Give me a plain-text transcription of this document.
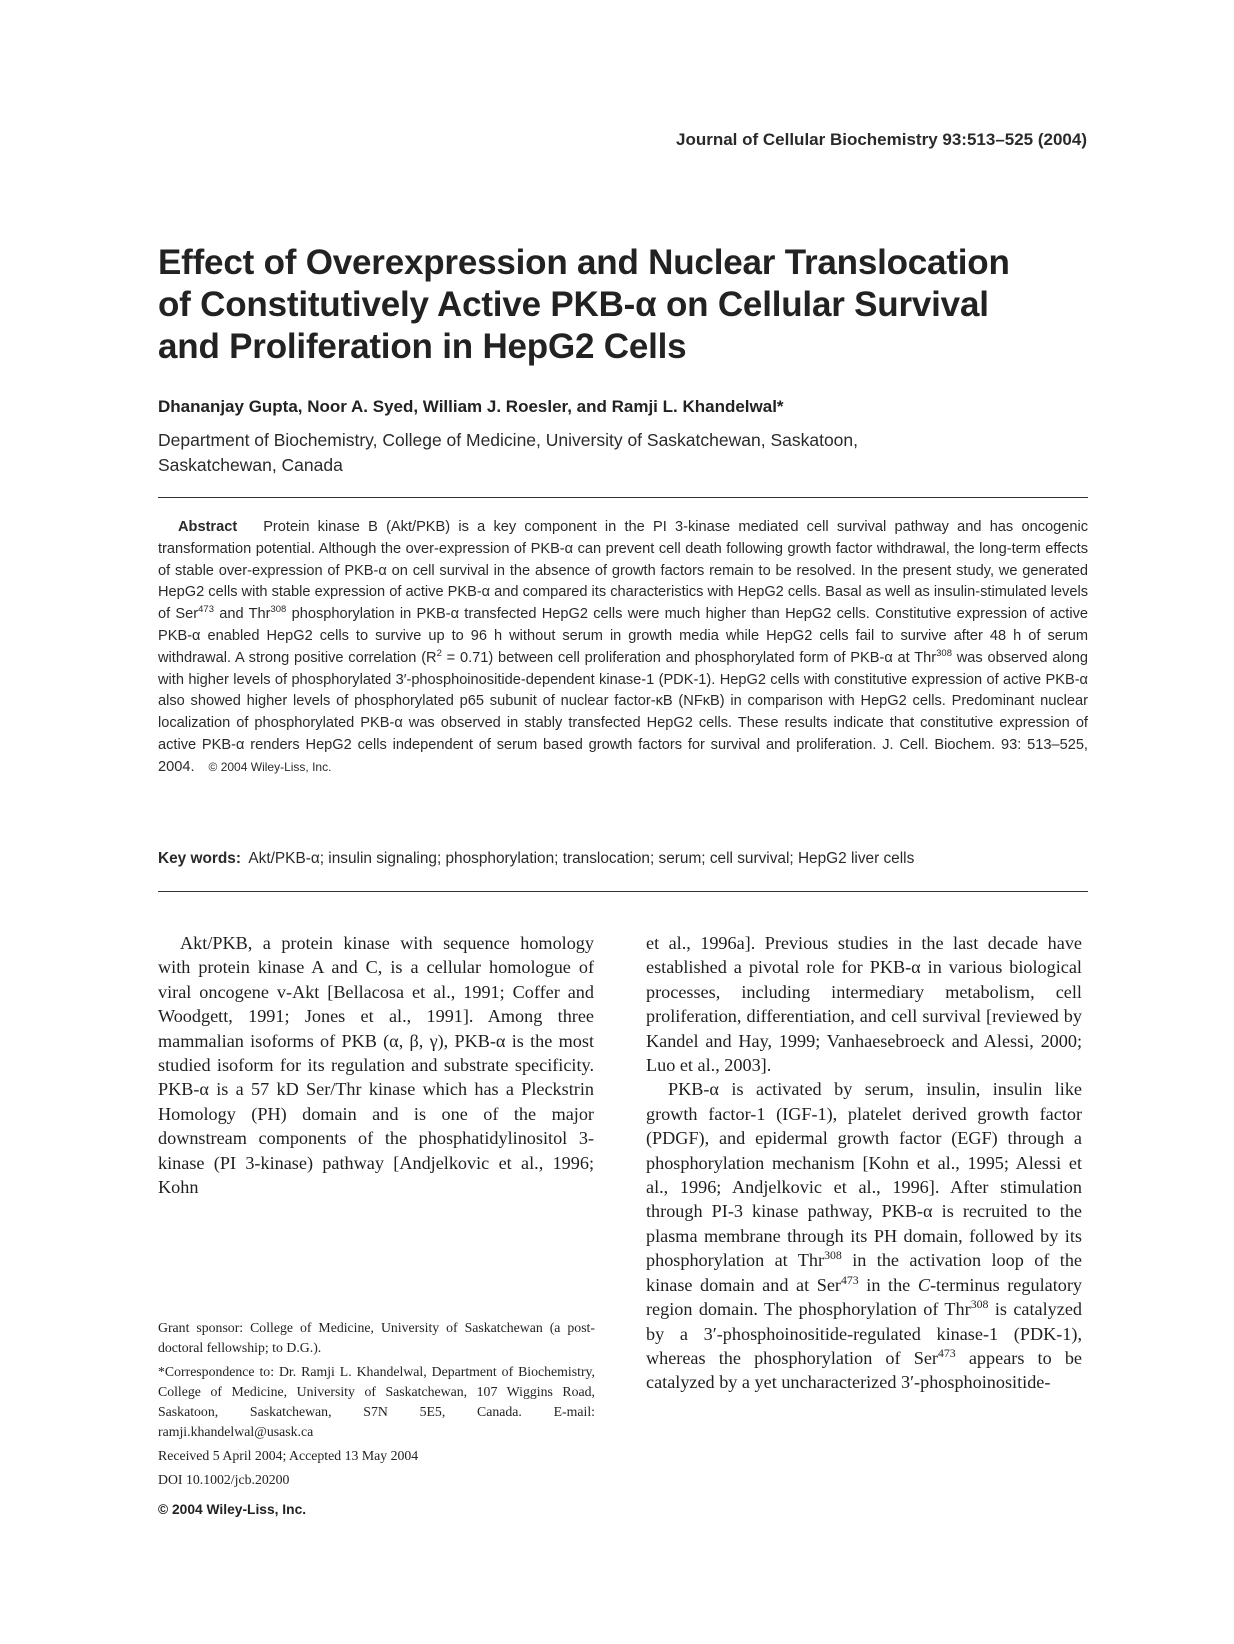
Journal of Cellular Biochemistry 93:513–525 (2004)
Effect of Overexpression and Nuclear Translocation
of Constitutively Active PKB-α on Cellular Survival
and Proliferation in HepG2 Cells

Dhananjay Gupta, Noor A. Syed, William J. Roesler, and Ramji L. Khandelwal*

Department of Biochemistry, College of Medicine, University of Saskatchewan, Saskatoon,
Saskatchewan, Canada

Abstract Protein kinase B (Akt/PKB) is a key component in the PI 3-kinase mediated cell survival pathway and has oncogenic transformation potential. Although the over-expression of PKB-α can prevent cell death following growth factor withdrawal, the long-term effects of stable over-expression of PKB-α on cell survival in the absence of growth factors remain to be resolved. In the present study, we generated HepG2 cells with stable expression of active PKB-α and compared its characteristics with HepG2 cells. Basal as well as insulin-stimulated levels of Ser$^{473}$ and Thr$^{308}$ phosphorylation in PKB-α transfected HepG2 cells were much higher than HepG2 cells. Constitutive expression of active PKB-α enabled HepG2 cells to survive up to 96 h without serum in growth media while HepG2 cells fail to survive after 48 h of serum withdrawal. A strong positive correlation $(R^2 = 0.71)$ between cell proliferation and phosphorylated form of PKB-α at Thr$^{308}$ was observed along with higher levels of phosphorylated 3′-phosphoinositide-dependent kinase-1 (PDK-1). HepG2 cells with constitutive expression of active PKB-α also showed higher levels of phosphorylated p65 subunit of nuclear factor-κB (NFκB) in comparison with HepG2 cells. Predominant nuclear localization of phosphorylated PKB-α was observed in stably transfected HepG2 cells. These results indicate that constitutive expression of active PKB-α renders HepG2 cells independent of serum based growth factors for survival and proliferation. J. Cell. Biochem. 93: 513–525, 2004. © 2004 Wiley-Liss, Inc.

Key words: Akt/PKB-α; insulin signaling; phosphorylation; translocation; serum; cell survival; HepG2 liver cells

Akt/PKB, a protein kinase with sequence homology with protein kinase A and C, is a cellular homologue of viral oncogene v-Akt [Bellacosa et al., 1991; Coffer and Woodgett, 1991; Jones et al., 1991]. Among three mammalian isoforms of PKB (α, β, γ), PKB-α is the most studied isoform for its regulation and substrate specificity. PKB-α is a 57 kD Ser/Thr kinase which has a Pleckstrin Homology (PH) domain and is one of the major downstream components of the phosphatidylinositol 3-kinase (PI 3-kinase) pathway [Andjelkovic et al., 1996; Kohn

et al., 1996a]. Previous studies in the last decade have established a pivotal role for PKB-α in various biological processes, including intermediary metabolism, cell proliferation, differentiation, and cell survival [reviewed by Kandel and Hay, 1999; Vanhaesebroeck and Alessi, 2000; Luo et al., 2003].

PKB-α is activated by serum, insulin, insulin like growth factor-1 (IGF-1), platelet derived growth factor (PDGF), and epidermal growth factor (EGF) through a phosphorylation mechanism [Kohn et al., 1995; Alessi et al., 1996; Andjelkovic et al., 1996]. After stimulation through PI-3 kinase pathway, PKB-α is recruited to the plasma membrane through its PH domain, followed by its phosphorylation at Thr$^{308}$ in the activation loop of the kinase domain and at Ser$^{473}$ in the C-terminus regulatory region domain. The phosphorylation of Thr$^{308}$ is catalyzed by a 3′-phosphoinositide-regulated kinase-1 (PDK-1), whereas the phosphorylation of Ser$^{473}$ appears to be catalyzed by a yet uncharacterized 3′-phosphoinositide-

Grant sponsor: College of Medicine, University of Saskatchewan (a post-doctoral fellowship; to D.G.).

*Correspondence to: Dr. Ramji L. Khandelwal, Department of Biochemistry, College of Medicine, University of Saskatchewan, 107 Wiggins Road, Saskatoon, Saskatchewan, S7N 5E5, Canada. E-mail: ramji.khandelwal@usask.ca

Received 5 April 2004; Accepted 13 May 2004

DOI 10.1002/jcb.20200

© 2004 Wiley-Liss, Inc.
